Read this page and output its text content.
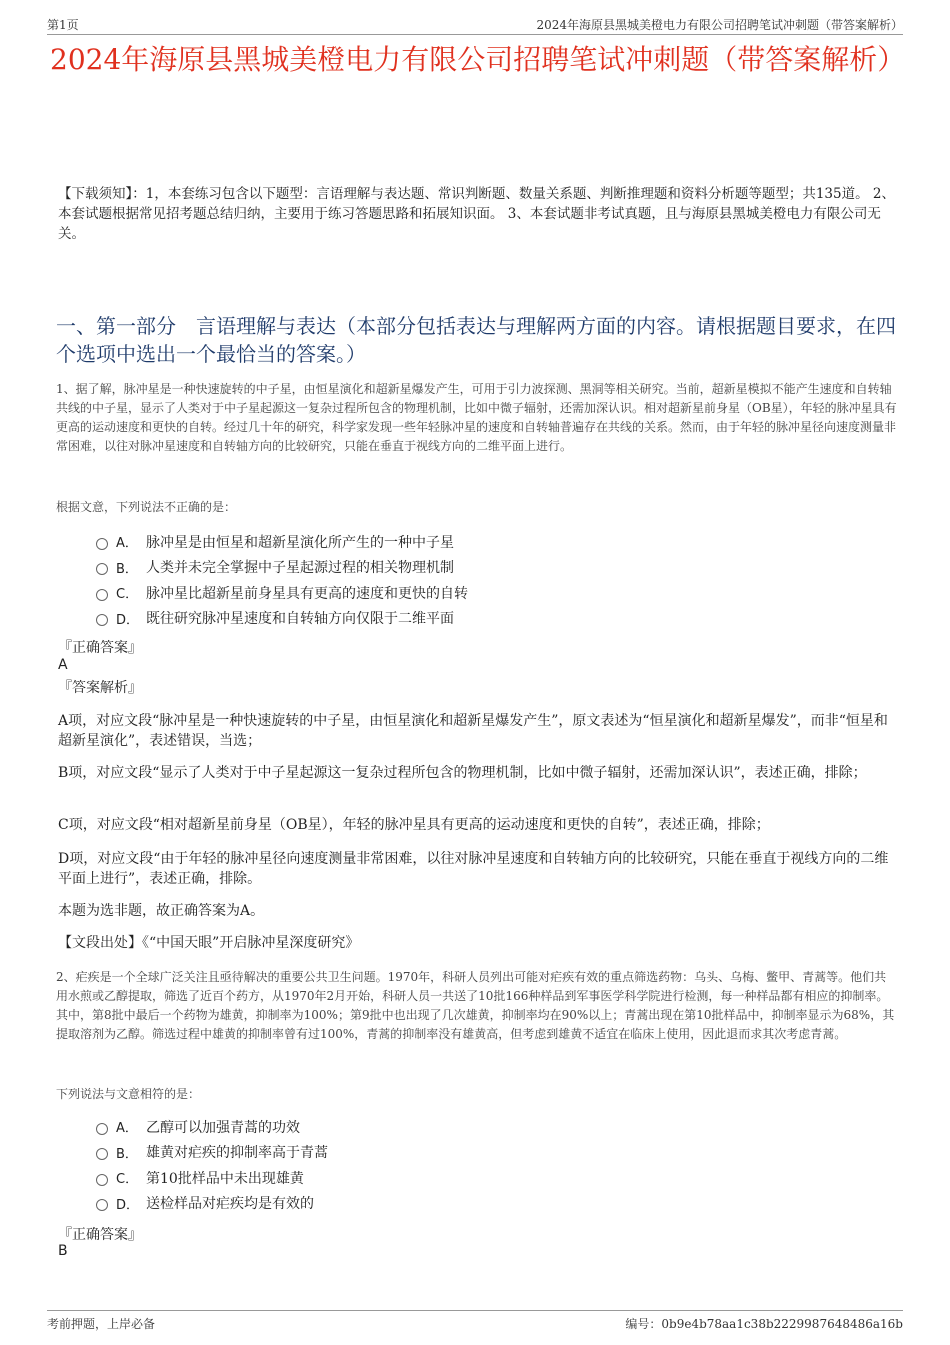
第1页	2024年海原县黑城美橙电力有限公司招聘笔试冲刺题（带答案解析）
2024年海原县黑城美橙电力有限公司招聘笔试冲刺题（带答案解析）
【下载须知】：1，本套练习包含以下题型：言语理解与表达题、常识判断题、数量关系题、判断推理题和资料分析题等题型；共135道。 2、本套试题根据常见招考题总结归纳，主要用于练习答题思路和拓展知识面。 3、本套试题非考试真题，且与海原县黑城美橙电力有限公司无关。
一、第一部分　言语理解与表达（本部分包括表达与理解两方面的内容。请根据题目要求，在四个选项中选出一个最恰当的答案。）
1、据了解，脉冲星是一种快速旋转的中子星，由恒星演化和超新星爆发产生，可用于引力波探测、黑洞等相关研究。当前，超新星模拟不能产生速度和自转轴共线的中子星，显示了人类对于中子星起源这一复杂过程所包含的物理机制，比如中微子辐射，还需加深认识。相对超新星前身星（OB星），年轻的脉冲星具有更高的运动速度和更快的自转。经过几十年的研究，科学家发现一些年轻脉冲星的速度和自转轴普遍存在共线的关系。然而，由于年轻的脉冲星径向速度测量非常困难，以往对脉冲星速度和自转轴方向的比较研究，只能在垂直于视线方向的二维平面上进行。
根据文意，下列说法不正确的是：
A． 脉冲星是由恒星和超新星演化所产生的一种中子星
B． 人类并未完全掌握中子星起源过程的相关物理机制
C． 脉冲星比超新星前身星具有更高的速度和更快的自转
D． 既往研究脉冲星速度和自转轴方向仅限于二维平面
『正确答案』
A
『答案解析』
A项，对应文段“脉冲星是一种快速旋转的中子星，由恒星演化和超新星爆发产生”，原文表述为“恒星演化和超新星爆发”，而非“恒星和超新星演化”，表述错误，当选；
B项，对应文段“显示了人类对于中子星起源这一复杂过程所包含的物理机制，比如中微子辐射，还需加深认识”，表述正确，排除；
C项，对应文段“相对超新星前身星（OB星），年轻的脉冲星具有更高的运动速度和更快的自转”，表述正确，排除；
D项，对应文段“由于年轻的脉冲星径向速度测量非常困难，以往对脉冲星速度和自转轴方向的比较研究，只能在垂直于视线方向的二维平面上进行”，表述正确，排除。
本题为选非题，故正确答案为A。
【文段出处】《“中国天眼”开启脉冲星深度研究》
2、疟疾是一个全球广泛关注且亟待解决的重要公共卫生问题。1970年，科研人员列出可能对疟疾有效的重点筛选药物：乌头、乌梅、鳖甲、青蒿等。他们共用水煎或乙醇提取，筛选了近百个药方，从1970年2月开始，科研人员一共送了10批166种样品到军事医学科学院进行检测，每一种样品都有相应的抑制率。其中，第8批中最后一个药物为雄黄，抑制率为100%；第9批中也出现了几次雄黄，抑制率均在90%以上；青蒿出现在第10批样品中，抑制率显示为68%，其提取溶剂为乙醇。筛选过程中雄黄的抑制率曾有过100%，青蒿的抑制率没有雄黄高，但考虑到雄黄不适宜在临床上使用，因此退而求其次考虑青蒿。
下列说法与文意相符的是：
A． 乙醇可以加强青蒿的功效
B． 雄黄对疟疾的抑制率高于青蒿
C． 第10批样品中未出现雄黄
D． 送检样品对疟疾均是有效的
『正确答案』
B
考前押题，上岸必备	编号：0b9e4b78aa1c38b2229987648486a16b
